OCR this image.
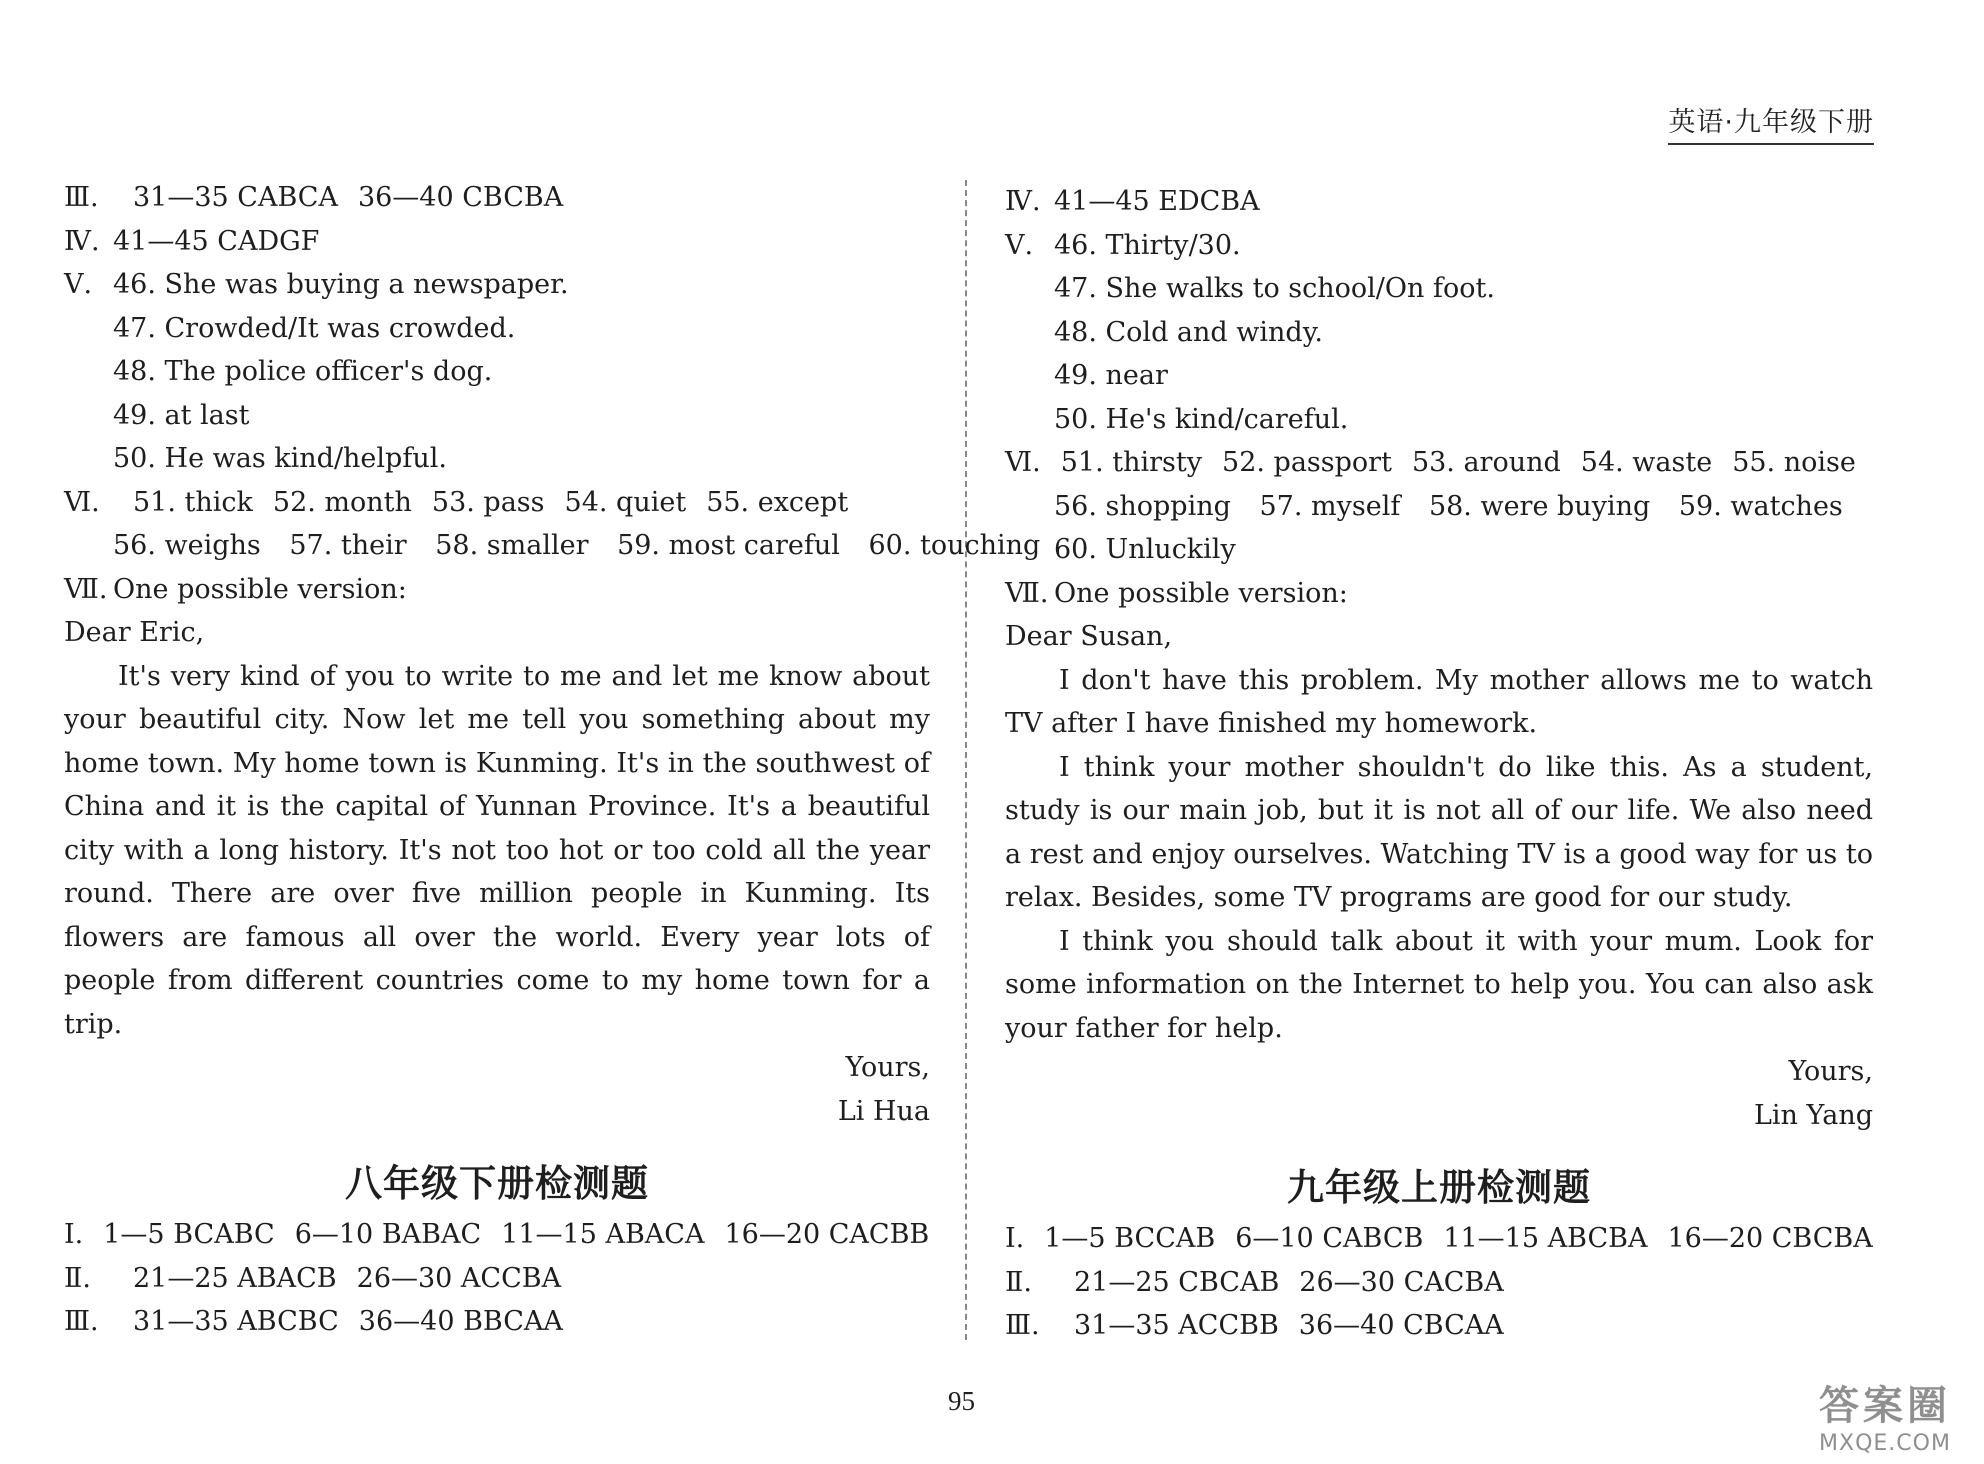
英语·九年级下册
Ⅲ.	31—35 CABCA 36—40 CBCBA
Ⅳ. 41—45 CADGF
Ⅴ. 46. She was buying a newspaper.
47. Crowded/It was crowded.
48. The police officer's dog.
49. at last
50. He was kind/helpful.
Ⅵ.	51. thick 52. month 53. pass 54. quiet 55. except
56. weighs 57. their 58. smaller 59. most careful 60. touching
Ⅶ. One possible version:
Dear Eric,
It's very kind of you to write to me and let me know about your beautiful city. Now let me tell you something about my home town. My home town is Kunming. It's in the southwest of China and it is the capital of Yunnan Province. It's a beautiful city with a long history. It's not too hot or too cold all the year round. There are over five million people in Kunming. Its flowers are famous all over the world. Every year lots of people from different countries come to my home town for a trip.
Yours,
Li Hua
八年级下册检测题
Ⅰ. 1—5 BCABC 6—10 BABAC 11—15 ABACA 16—20 CACBB
Ⅱ.	21—25 ABACB 26—30 ACCBA
Ⅲ.	31—35 ABCBC 36—40 BBCAA
Ⅳ. 41—45 EDCBA
Ⅴ. 46. Thirty/30.
47. She walks to school/On foot.
48. Cold and windy.
49. near
50. He's kind/careful.
Ⅵ. 51. thirsty 52. passport 53. around 54. waste 55. noise
56. shopping 57. myself 58. were buying 59. watches
60. Unluckily
Ⅶ. One possible version:
Dear Susan,
I don't have this problem. My mother allows me to watch TV after I have finished my homework.
I think your mother shouldn't do like this. As a student, study is our main job, but it is not all of our life. We also need a rest and enjoy ourselves. Watching TV is a good way for us to relax. Besides, some TV programs are good for our study.
I think you should talk about it with your mum. Look for some information on the Internet to help you. You can also ask your father for help.
Yours,
Lin Yang
九年级上册检测题
Ⅰ. 1—5 BCCAB 6—10 CABCB 11—15 ABCBA 16—20 CBCBA
Ⅱ.	21—25 CBCAB 26—30 CACBA
Ⅲ.	31—35 ACCBB 36—40 CBCAA
95	答案圈
MXQE.COM
